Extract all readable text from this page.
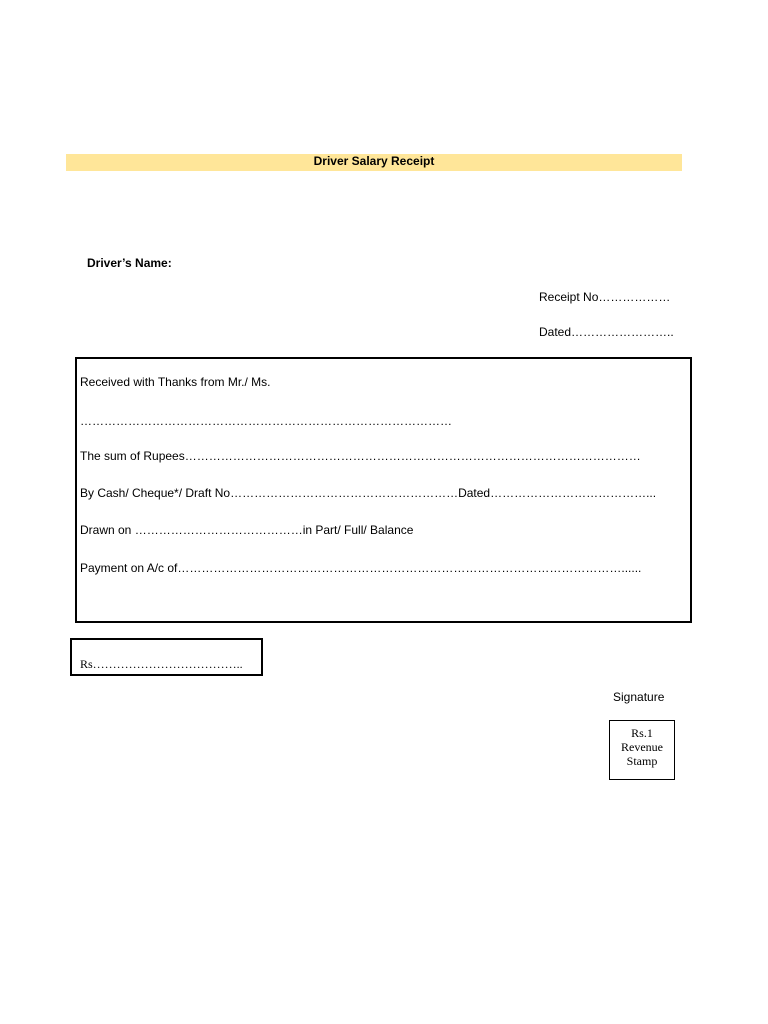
Driver Salary Receipt
Driver’s Name:
Receipt No………………
Dated……………………..
Received with Thanks from Mr./ Ms.
…………………………………………………………………………………
The sum of Rupees……………………………………………………………………………………………………
By Cash/ Cheque*/ Draft No…………………………………………………Dated…………………………………...
Drawn on ……………………………………in Part/ Full/ Balance
Payment on A/c of…………………………………………………………………………………………………......
Rs………………………………..
Signature
Rs.1
Revenue
Stamp
